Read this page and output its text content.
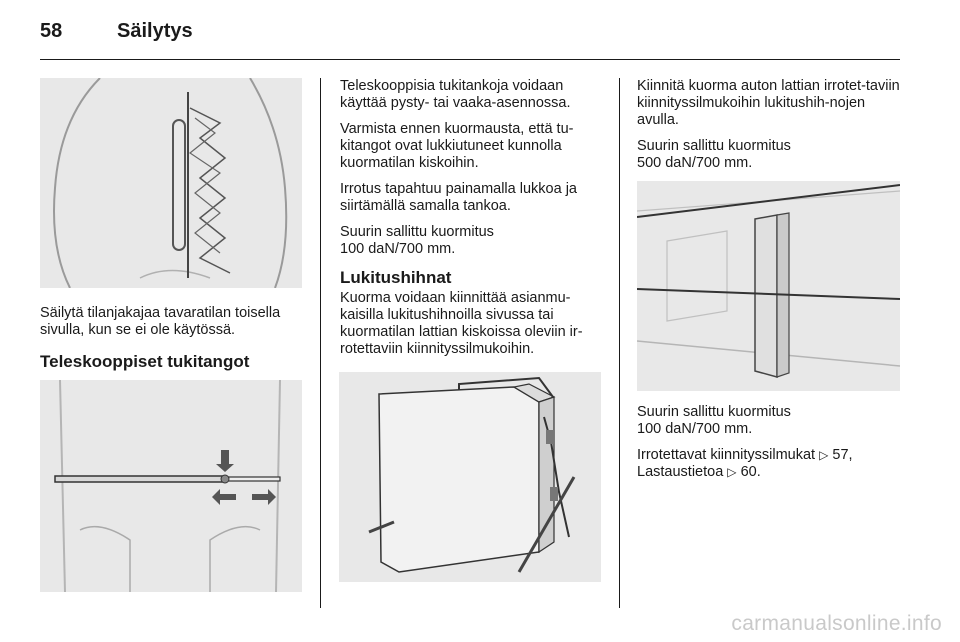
58	Säilytys
Säilytä tilanjakajaa tavaratilan toisella sivulla, kun se ei ole käytössä.
Teleskooppiset tukitangot

Teleskooppisia tukitankoja voidaan käyttää pysty- tai vaaka-asennossa.

Varmista ennen kuormausta, että tu-kitangot ovat lukkiutuneet kunnolla kuormatilan kiskoihin.

Irrotus tapahtuu painamalla lukkoa ja siirtämällä samalla tankoa.

Suurin sallittu kuormitus
100 daN/700 mm.

Lukitushihnat
Kuorma voidaan kiinnittää asianmu-kaisilla lukitushihnoilla sivussa tai kuormatilan lattian kiskoissa oleviin ir-rotettaviin kiinnityssilmukoihin.

Kiinnitä kuorma auton lattian irrotet-taviin kiinnityssilmukoihin lukitushih-nojen avulla.

Suurin sallittu kuormitus
500 daN/700 mm.

Suurin sallittu kuormitus
100 daN/700 mm.

Irrotettavat kiinnityssilmukat ▷ 57,
Lastaustietoa ▷ 60.

carmanualsonline.info
